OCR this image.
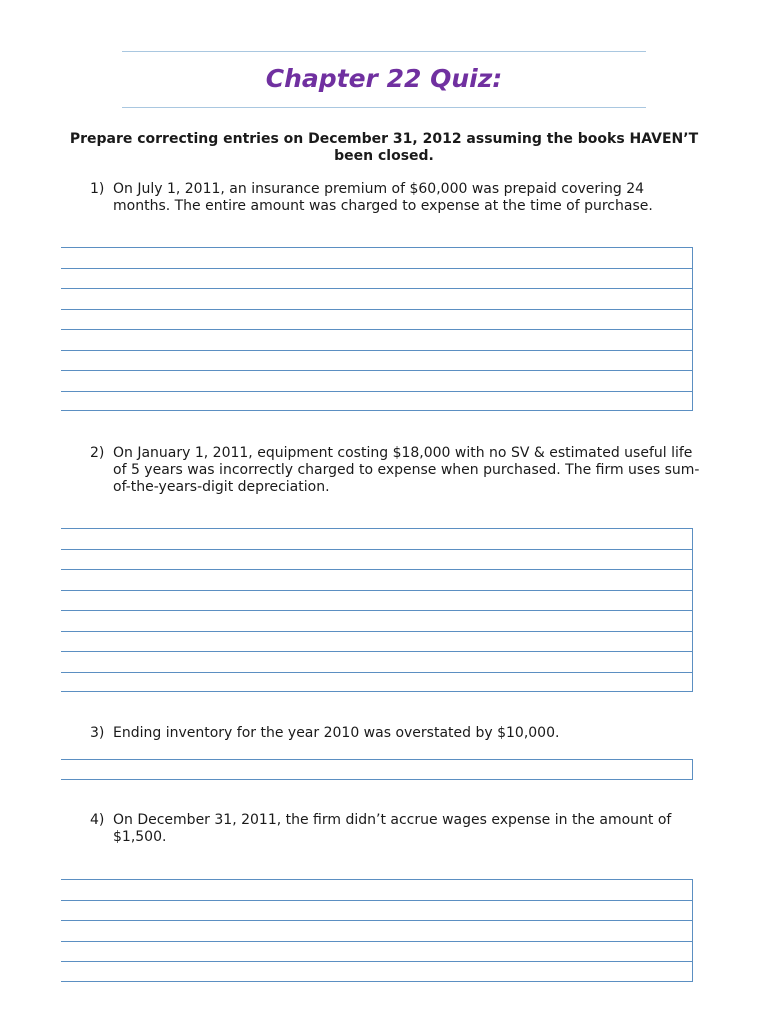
Chapter 22 Quiz:
Prepare correcting entries on December 31, 2012 assuming the books HAVEN’T been closed.
1) On July 1, 2011, an insurance premium of $60,000 was prepaid covering 24 months. The entire amount was charged to expense at the time of purchase.
2) On January 1, 2011, equipment costing $18,000 with no SV & estimated useful life of 5 years was incorrectly charged to expense when purchased. The firm uses sum-of-the-years-digit depreciation.
3) Ending inventory for the year 2010 was overstated by $10,000.
4) On December 31, 2011, the firm didn’t accrue wages expense in the amount of $1,500.
